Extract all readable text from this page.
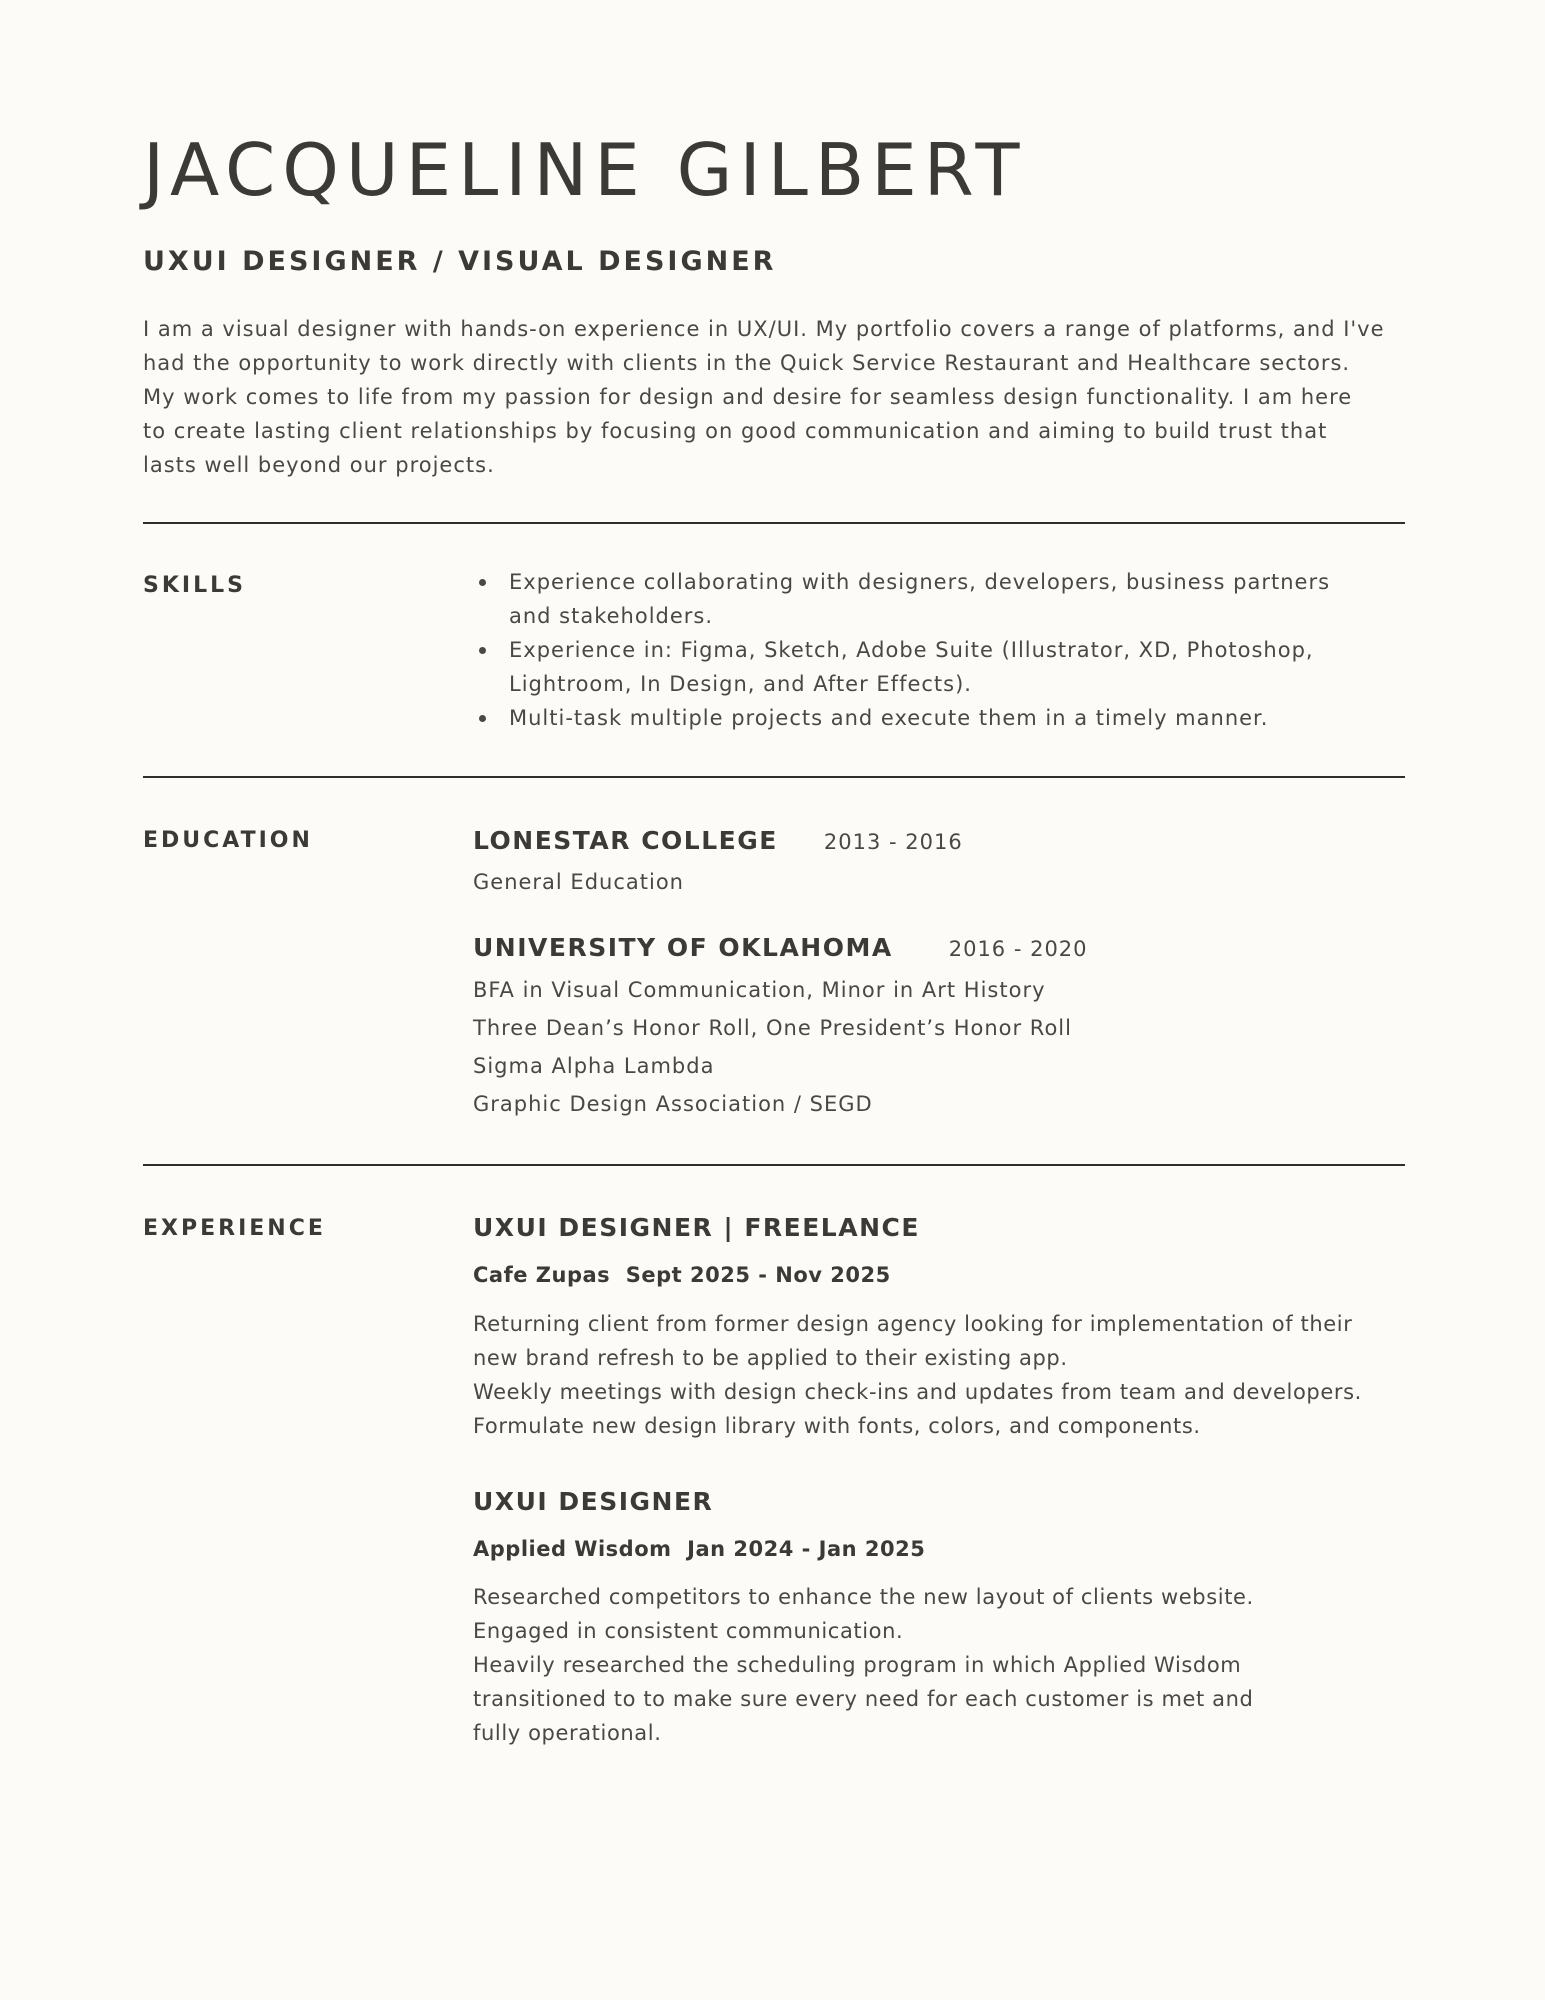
JACQUELINE GILBERT
UXUI DESIGNER / VISUAL DESIGNER
I am a visual designer with hands-on experience in UX/UI. My portfolio covers a range of platforms, and I've
had the opportunity to work directly with clients in the Quick Service Restaurant and Healthcare sectors.
My work comes to life from my passion for design and desire for seamless design functionality. I am here
to create lasting client relationships by focusing on good communication and aiming to build trust that
lasts well beyond our projects.
SKILLS	Experience collaborating with designers, developers, business partners
and stakeholders.
Experience in: Figma, Sketch, Adobe Suite (Illustrator, XD, Photoshop,
Lightroom, In Design, and After Effects).
Multi-task multiple projects and execute them in a timely manner.
EDUCATION	LONESTAR COLLEGE 2013 - 2016
General Education
UNIVERSITY OF OKLAHOMA	2016 - 2020
BFA in Visual Communication, Minor in Art History
Three Dean’s Honor Roll, One President’s Honor Roll
Sigma Alpha Lambda
Graphic Design Association / SEGD
EXPERIENCE	UXUI DESIGNER | FREELANCE
Cafe Zupas  Sept 2025 - Nov 2025
Returning client from former design agency looking for implementation of their
new brand refresh to be applied to their existing app.
Weekly meetings with design check-ins and updates from team and developers.
Formulate new design library with fonts, colors, and components.
UXUI DESIGNER
Applied Wisdom  Jan 2024 - Jan 2025
Researched competitors to enhance the new layout of clients website.
Engaged in consistent communication.
Heavily researched the scheduling program in which Applied Wisdom
transitioned to to make sure every need for each customer is met and
fully operational.
